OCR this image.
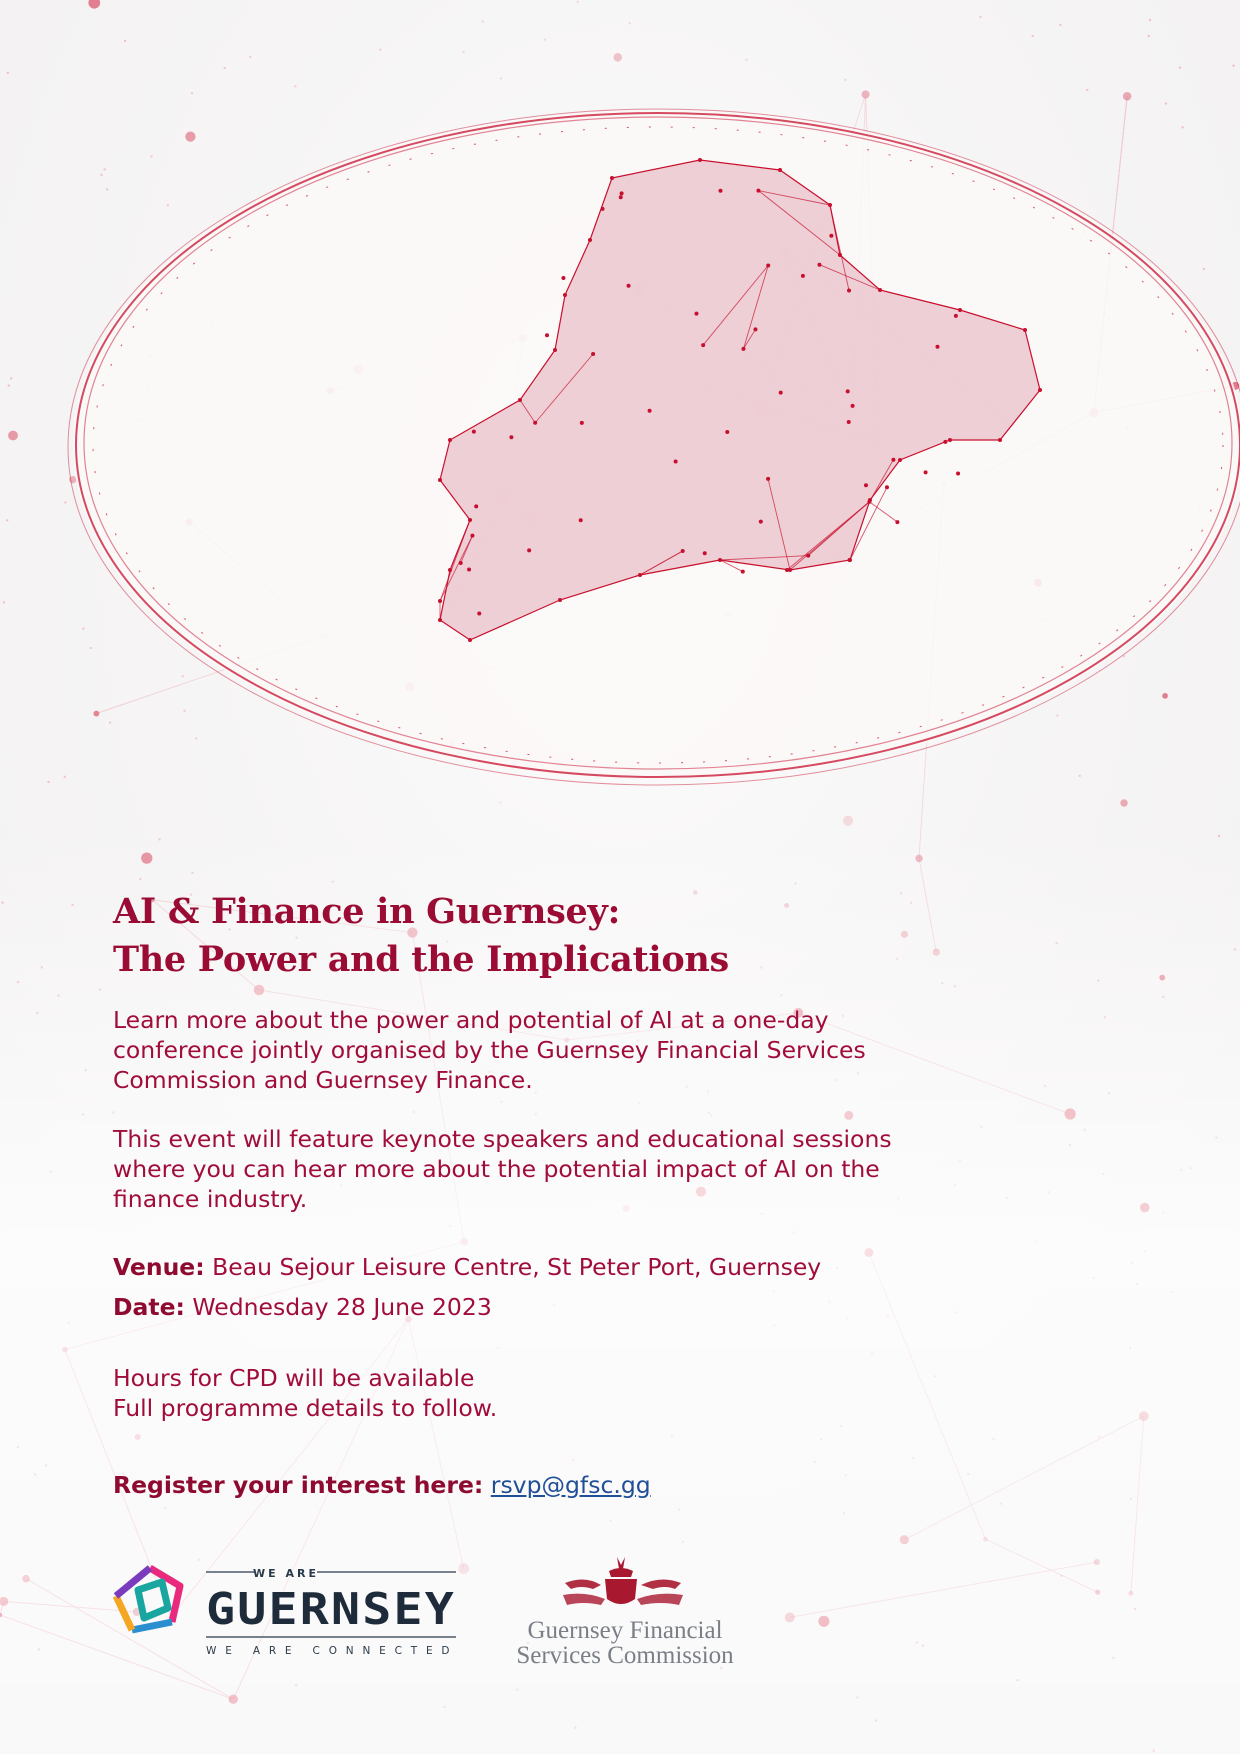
AI & Finance in Guernsey:
The Power and the Implications

Learn more about the power and potential of AI at a one-day
conference jointly organised by the Guernsey Financial Services
Commission and Guernsey Finance.

This event will feature keynote speakers and educational sessions
where you can hear more about the potential impact of AI on the
finance industry.

Venue: Beau Sejour Leisure Centre, St Peter Port, Guernsey

Date: Wednesday 28 June 2023

Hours for CPD will be available
Full programme details to follow.

Register your interest here: rsvp@gfsc.gg

WE ARE
GUERNSEY
WE ARE CONNECTED
Guernsey Financial
Services Commission
